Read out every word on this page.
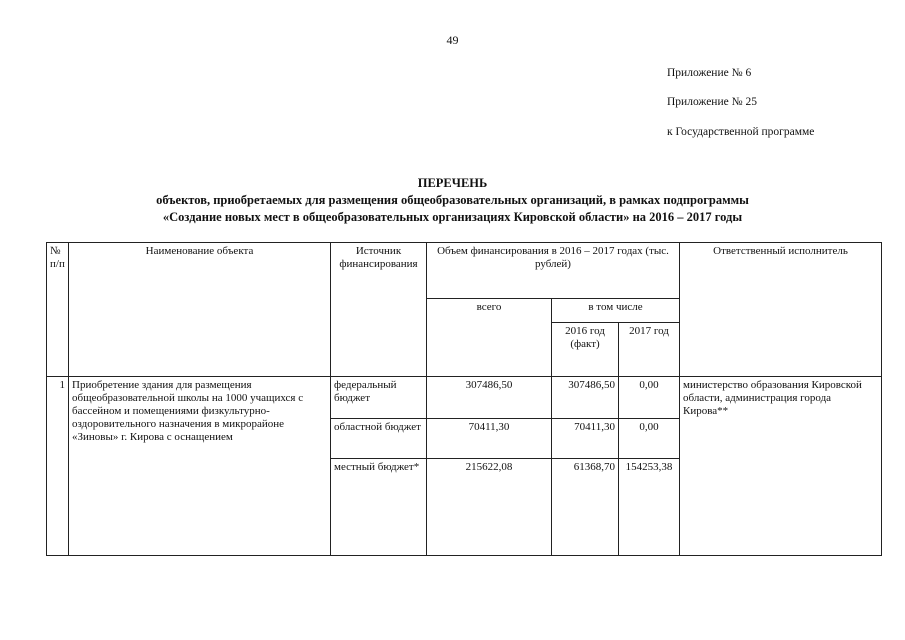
49
Приложение № 6
Приложение № 25
к Государственной программе
ПЕРЕЧЕНЬ
объектов, приобретаемых для размещения общеобразовательных организаций, в рамках подпрограммы
«Создание новых мест в общеобразовательных организациях Кировской области» на 2016 – 2017 годы
№ п/п	Наименование объекта	Источник финансирования	Объем финансирования в 2016 – 2017 годах (тыс. рублей)			Ответственный исполнитель
			всего	в том числе		
				2016 год (факт)	2017 год	
1	Приобретение здания для размещения общеобразовательной школы на 1000 учащихся с бассейном и помещениями физкультурно-оздоровительного назначения в микрорайоне «Зиновы» г. Кирова с оснащением	федеральный бюджет	307486,50	307486,50	0,00	министерство образования Кировской области, администрация города Кирова**
		областной бюджет	70411,30	70411,30	0,00	
		местный бюджет*	215622,08	61368,70	154253,38	
